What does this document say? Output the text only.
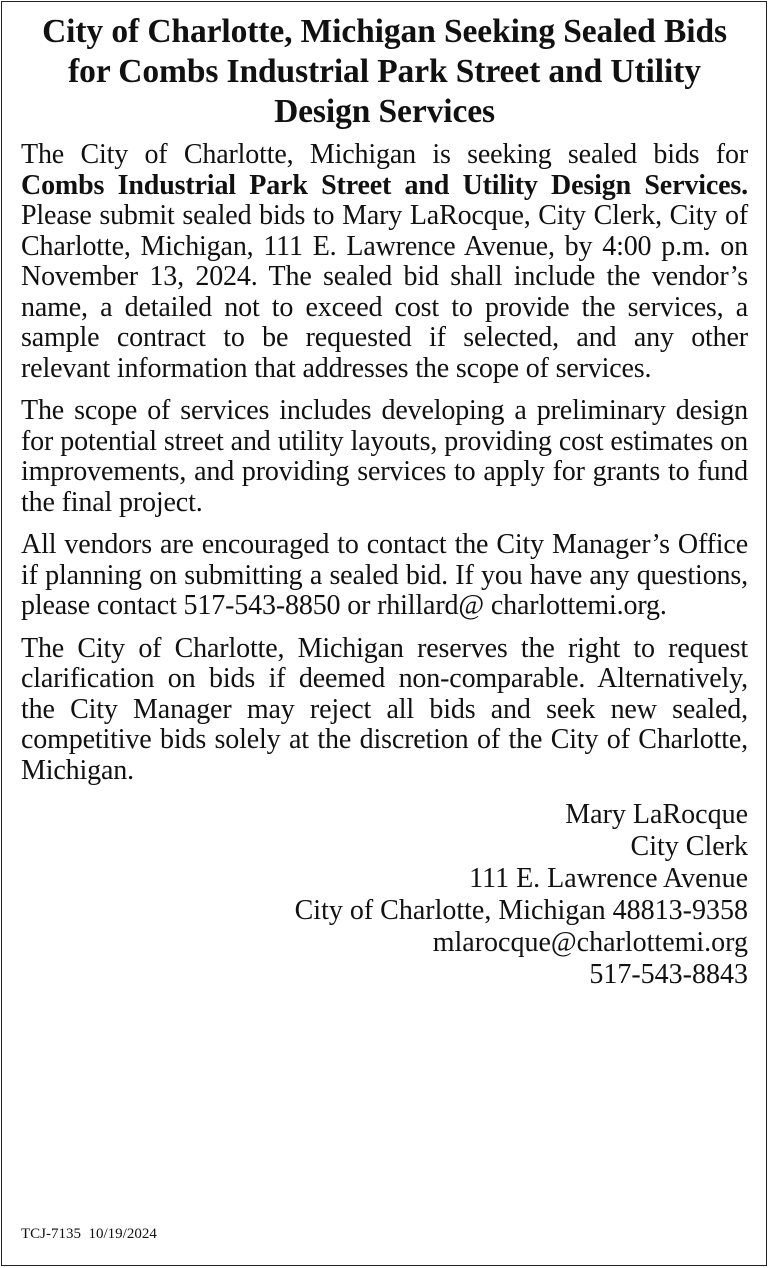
City of Charlotte, Michigan Seeking Sealed Bids for Combs Industrial Park Street and Utility Design Services

The City of Charlotte, Michigan is seeking sealed bids for Combs Industrial Park Street and Utility Design Services. Please submit sealed bids to Mary LaRocque, City Clerk, City of Charlotte, Michigan, 111 E. Lawrence Avenue, by 4:00 p.m. on November 13, 2024. The sealed bid shall include the vendor’s name, a detailed not to exceed cost to provide the services, a sample contract to be requested if selected, and any other relevant information that addresses the scope of services.

The scope of services includes developing a preliminary design for potential street and utility layouts, providing cost estimates on improvements, and providing services to apply for grants to fund the final project.

All vendors are encouraged to contact the City Manager’s Office if planning on submitting a sealed bid. If you have any questions, please contact 517-543-8850 or rhillard@ charlottemi.org.

The City of Charlotte, Michigan reserves the right to request clarification on bids if deemed non-comparable. Alternatively, the City Manager may reject all bids and seek new sealed, competitive bids solely at the discretion of the City of Charlotte, Michigan.

Mary LaRocque
City Clerk
111 E. Lawrence Avenue
City of Charlotte, Michigan 48813-9358
mlarocque@charlottemi.org
517-543-8843
TCJ-7135 10/19/2024
